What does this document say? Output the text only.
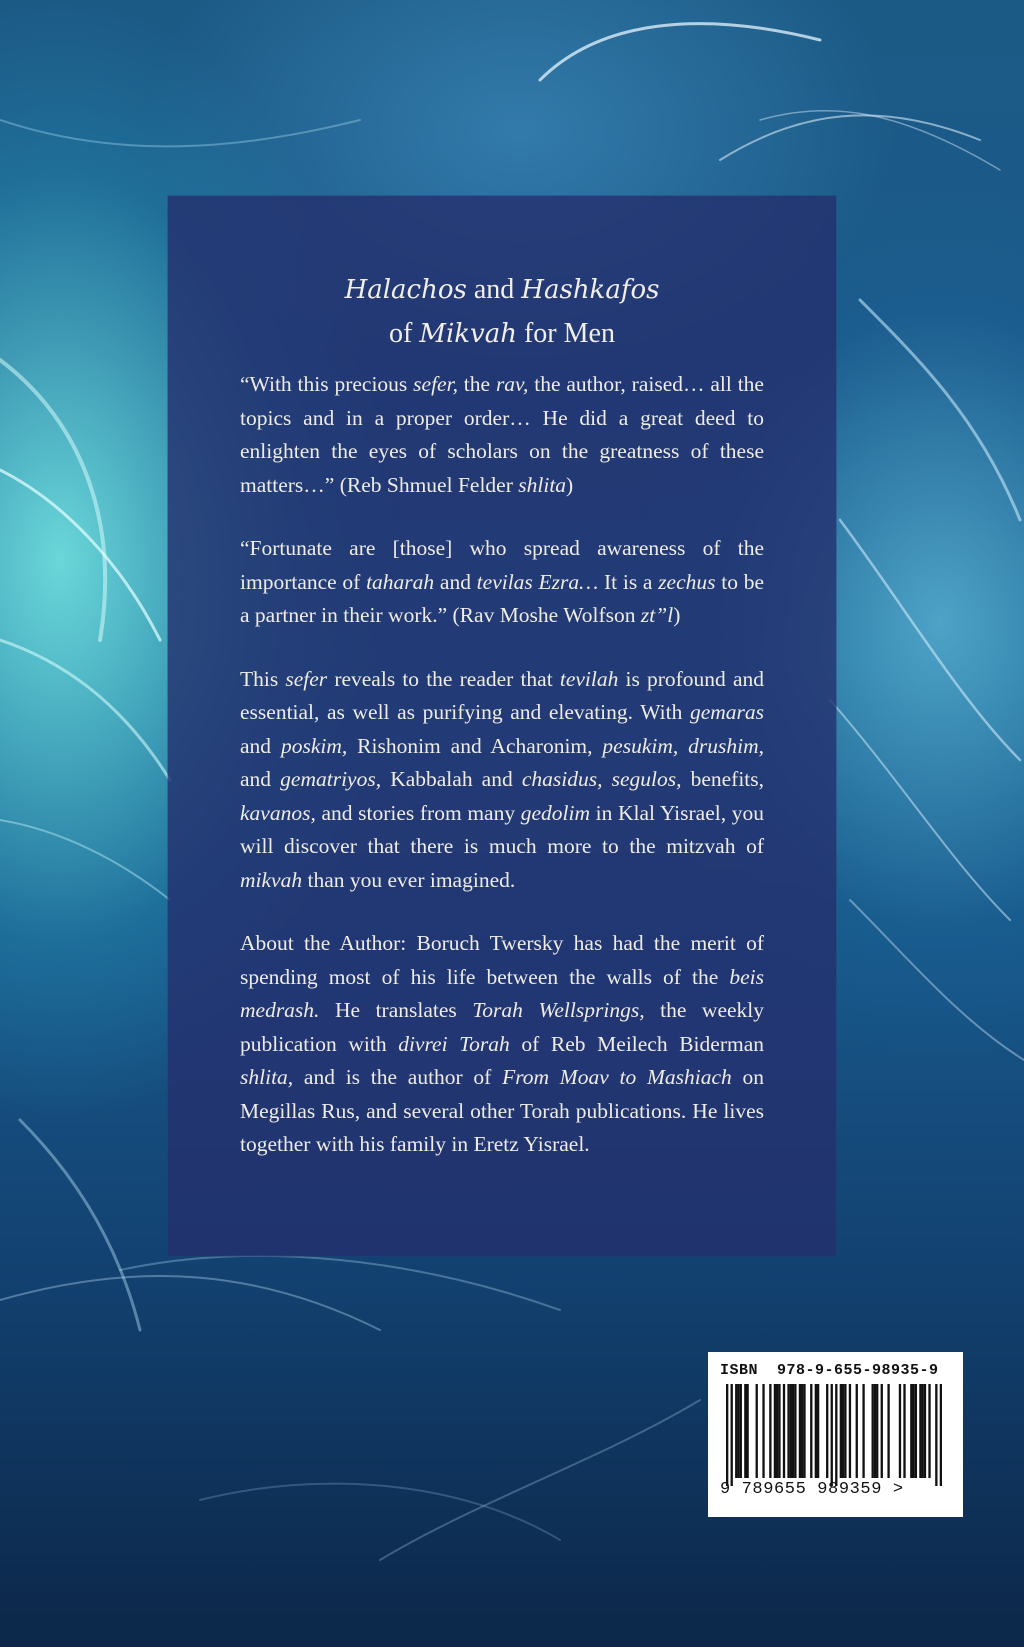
Halachos and Hashkafos
of Mikvah for Men

“With this precious sefer, the rav, the author, raised… all the topics and in a proper order… He did a great deed to enlighten the eyes of scholars on the greatness of these matters…” (Reb Shmuel Felder shlita)

“Fortunate are [those] who spread awareness of the importance of taharah and tevilas Ezra… It is a zechus to be a partner in their work.” (Rav Moshe Wolfson zt”l)

This sefer reveals to the reader that tevilah is profound and essential, as well as purifying and elevating. With gemaras and poskim, Rishonim and Acharonim, pesukim, drushim, and gematriyos, Kabbalah and chasidus, segulos, benefits, kavanos, and stories from many gedolim in Klal Yisrael, you will discover that there is much more to the mitzvah of mikvah than you ever imagined.

About the Author: Boruch Twersky has had the merit of spending most of his life between the walls of the beis medrash. He translates Torah Wellsprings, the weekly publication with divrei Torah of Reb Meilech Biderman shlita, and is the author of From Moav to Mashiach on Megillas Rus, and several other Torah publications. He lives together with his family in Eretz Yisrael.

ISBN  978-9-655-98935-9
9 789655 989359 >
